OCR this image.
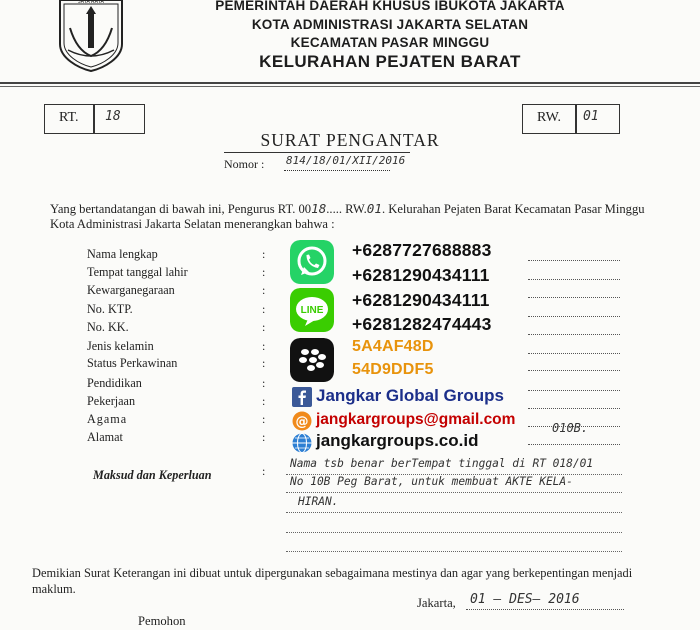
JAYA RAYA	PEMERINTAH DAERAH KHUSUS IBUKOTA JAKARTA
KOTA ADMINISTRASI JAKARTA SELATAN
KECAMATAN PASAR MINGGU
KELURAHAN PEJATEN BARAT
RT. 18	RW. 01
SURAT PENGANTAR
Nomor : 814/18/01/XII/2016
Yang bertandatangan di bawah ini, Pengurus RT. 0018..... RW.01. Kelurahan Pejaten Barat Kecamatan Pasar Minggu Kota Administrasi Jakarta Selatan menerangkan bahwa :
Nama lengkap	:
Tempat tanggal lahir	:
Kewarganegaraan	:
No. KTP.	:
No. KK.	:
Jenis kelamin	:
Status Perkawinan	:
Pendidikan	:
Pekerjaan	:
Agama	:
Alamat	:
010B.
LINE
+6287727688883
+6281290434111
+6281290434111
+6281282474443
5A4AF48D
54D9DDF5
Jangkar Global Groups
@ jangkargroups@gmail.com
jangkargroups.co.id
Maksud dan Keperluan	:
Nama tsb benar berTempat tinggal di RT 018/01
No 10B Peg Barat, untuk membuat AKTE KELA-
HIRAN.
Demikian Surat Keterangan ini dibuat untuk dipergunakan sebagaimana mestinya dan agar yang berkepentingan menjadi maklum.
Jakarta, 01 — DES— 2016
Pemohon
